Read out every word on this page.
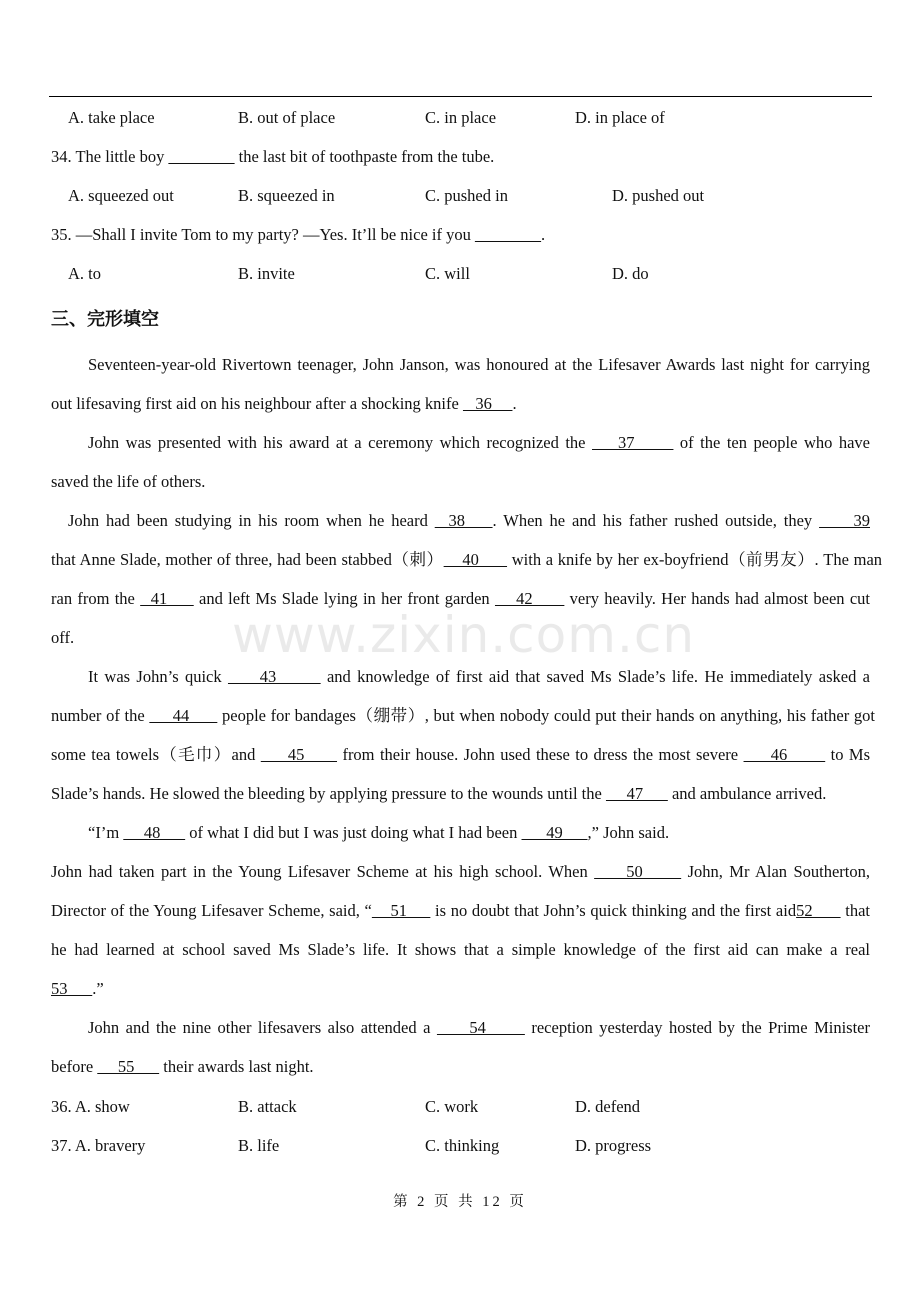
A. take place	B. out of place	C. in place	D. in place of
34. The little boy ________ the last bit of toothpaste from the tube.
A. squeezed out	B. squeezed in	C. pushed in	D. pushed out
35. —Shall I invite Tom to my party? —Yes. It’ll be nice if you ________.
A. to	B. invite	C. will	D. do
三、完形填空
Seventeen-year-old Rivertown teenager, John Janson, was honoured at the Lifesaver Awards last night for carrying
out lifesaving first aid on his neighbour after a shocking knife    36     .
John was presented with his award at a ceremony which recognized the     37       of the ten people who have
saved the life of others.
John had been studying in his room when he heard   38    . When he and his father rushed outside, they      39
that Anne Slade, mother of three, had been stabbed（刺）    40       with a knife by her ex-boyfriend（前男友）. The man
ran from the   41      and left Ms Slade lying in her front garden     42       very heavily. Her hands had almost been cut
off.	www.zixin.com.cn
It was John’s quick      43        and knowledge of first aid that saved Ms Slade’s life. He immediately asked a
number of the      44       people for bandages（绷带）, but when nobody could put their hands on anything, his father got
some tea towels（毛巾）and      45       from their house. John used these to dress the most severe      46        to Ms
Slade’s hands. He slowed the bleeding by applying pressure to the wounds until the      47       and ambulance arrived.
“I’m      48       of what I did but I was just doing what I had been       49      ,” John said.
John had taken part in the Young Lifesaver Scheme at his high school. When      50       John, Mr Alan Southerton,
Director of the Young Lifesaver Scheme, said, “    51      is no doubt that John’s quick thinking and the first aid52       that
he had learned at school saved Ms Slade’s life. It shows that a simple knowledge of the first aid can make a real
53      .”
John and the nine other lifesavers also attended a      54       reception yesterday hosted by the Prime Minister
before      55       their awards last night.
36. A. show	B. attack	C. work	D. defend
37. A. bravery	B. life	C. thinking	D. progress
第 2 页 共 12 页
